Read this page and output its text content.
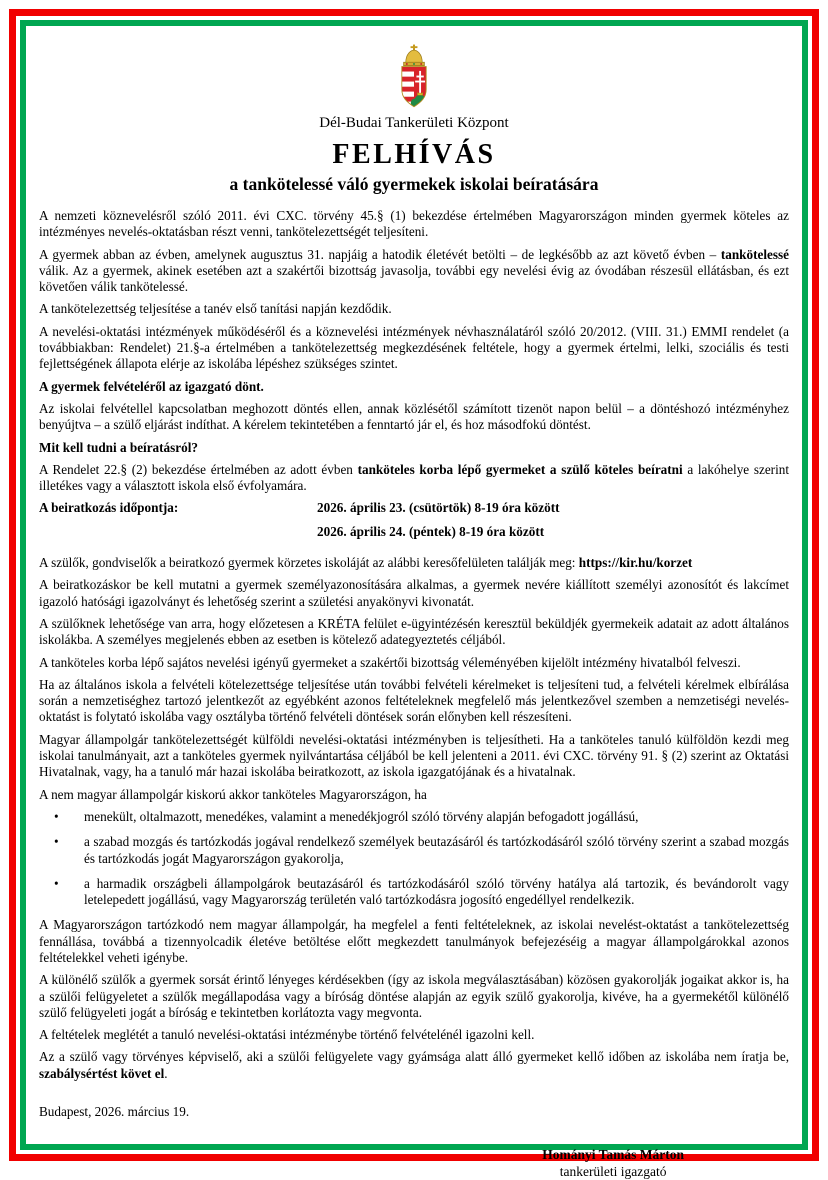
Dél-Budai Tankerületi Központ
FELHÍVÁS
a tankötelessé váló gyermekek iskolai beíratására

A nemzeti köznevelésről szóló 2011. évi CXC. törvény 45.§ (1) bekezdése értelmében Magyarországon minden gyermek köteles az intézményes nevelés-oktatásban részt venni, tankötelezettségét teljesíteni.

A gyermek abban az évben, amelynek augusztus 31. napjáig a hatodik életévét betölti – de legkésőbb az azt követő évben – tankötelessé válik. Az a gyermek, akinek esetében azt a szakértői bizottság javasolja, további egy nevelési évig az óvodában részesül ellátásban, és ezt követően válik tankötelessé.

A tankötelezettség teljesítése a tanév első tanítási napján kezdődik.

A nevelési-oktatási intézmények működéséről és a köznevelési intézmények névhasználatáról szóló 20/2012. (VIII. 31.) EMMI rendelet (a továbbiakban: Rendelet) 21.§-a értelmében a tankötelezettség megkezdésének feltétele, hogy a gyermek értelmi, lelki, szociális és testi fejlettségének állapota elérje az iskolába lépéshez szükséges szintet.

A gyermek felvételéről az igazgató dönt.

Az iskolai felvétellel kapcsolatban meghozott döntés ellen, annak közlésétől számított tizenöt napon belül – a döntéshozó intézményhez benyújtva – a szülő eljárást indíthat. A kérelem tekintetében a fenntartó jár el, és hoz másodfokú döntést.

Mit kell tudni a beíratásról?

A Rendelet 22.§ (2) bekezdése értelmében az adott évben tanköteles korba lépő gyermeket a szülő köteles beíratni a lakóhelye szerint illetékes vagy a választott iskola első évfolyamára.

A beiratkozás időpontja:	2026. április 23. (csütörtök) 8-19 óra között
2026. április 24. (péntek) 8-19 óra között

A szülők, gondviselők a beiratkozó gyermek körzetes iskoláját az alábbi keresőfelületen találják meg: https://kir.hu/korzet

A beiratkozáskor be kell mutatni a gyermek személyazonosítására alkalmas, a gyermek nevére kiállított személyi azonosítót és lakcímet igazoló hatósági igazolványt és lehetőség szerint a születési anyakönyvi kivonatát.

A szülőknek lehetősége van arra, hogy előzetesen a KRÉTA felület e-ügyintézésén keresztül beküldjék gyermekeik adatait az adott általános iskolákba. A személyes megjelenés ebben az esetben is kötelező adategyeztetés céljából.

A tanköteles korba lépő sajátos nevelési igényű gyermeket a szakértői bizottság véleményében kijelölt intézmény hivatalból felveszi.

Ha az általános iskola a felvételi kötelezettsége teljesítése után további felvételi kérelmeket is teljesíteni tud, a felvételi kérelmek elbírálása során a nemzetiséghez tartozó jelentkezőt az egyébként azonos feltételeknek megfelelő más jelentkezővel szemben a nemzetiségi nevelés-oktatást is folytató iskolába vagy osztályba történő felvételi döntések során előnyben kell részesíteni.

Magyar állampolgár tankötelezettségét külföldi nevelési-oktatási intézményben is teljesítheti. Ha a tanköteles tanuló külföldön kezdi meg iskolai tanulmányait, azt a tanköteles gyermek nyilvántartása céljából be kell jelenteni a 2011. évi CXC. törvény 91. § (2) szerint az Oktatási Hivatalnak, vagy, ha a tanuló már hazai iskolába beiratkozott, az iskola igazgatójának és a hivatalnak.

A nem magyar állampolgár kiskorú akkor tanköteles Magyarországon, ha

•	menekült, oltalmazott, menedékes, valamint a menedékjogról szóló törvény alapján befogadott jogállású,
•	a szabad mozgás és tartózkodás jogával rendelkező személyek beutazásáról és tartózkodásáról szóló törvény szerint a szabad mozgás és tartózkodás jogát Magyarországon gyakorolja,
•	a harmadik országbeli állampolgárok beutazásáról és tartózkodásáról szóló törvény hatálya alá tartozik, és bevándorolt vagy letelepedett jogállású, vagy Magyarország területén való tartózkodásra jogosító engedéllyel rendelkezik.

A Magyarországon tartózkodó nem magyar állampolgár, ha megfelel a fenti feltételeknek, az iskolai nevelést-oktatást a tankötelezettség fennállása, továbbá a tizennyolcadik életéve betöltése előtt megkezdett tanulmányok befejezéséig a magyar állampolgárokkal azonos feltételekkel veheti igénybe.

A különélő szülők a gyermek sorsát érintő lényeges kérdésekben (így az iskola megválasztásában) közösen gyakorolják jogaikat akkor is, ha a szülői felügyeletet a szülők megállapodása vagy a bíróság döntése alapján az egyik szülő gyakorolja, kivéve, ha a gyermekétől különélő szülő felügyeleti jogát a bíróság e tekintetben korlátozta vagy megvonta.

A feltételek meglétét a tanuló nevelési-oktatási intézménybe történő felvételénél igazolni kell.

Az a szülő vagy törvényes képviselő, aki a szülői felügyelete vagy gyámsága alatt álló gyermeket kellő időben az iskolába nem íratja be, szabálysértést követ el.

Budapest, 2026. március 19.
Hományi Tamás Márton
tankerületi igazgató
